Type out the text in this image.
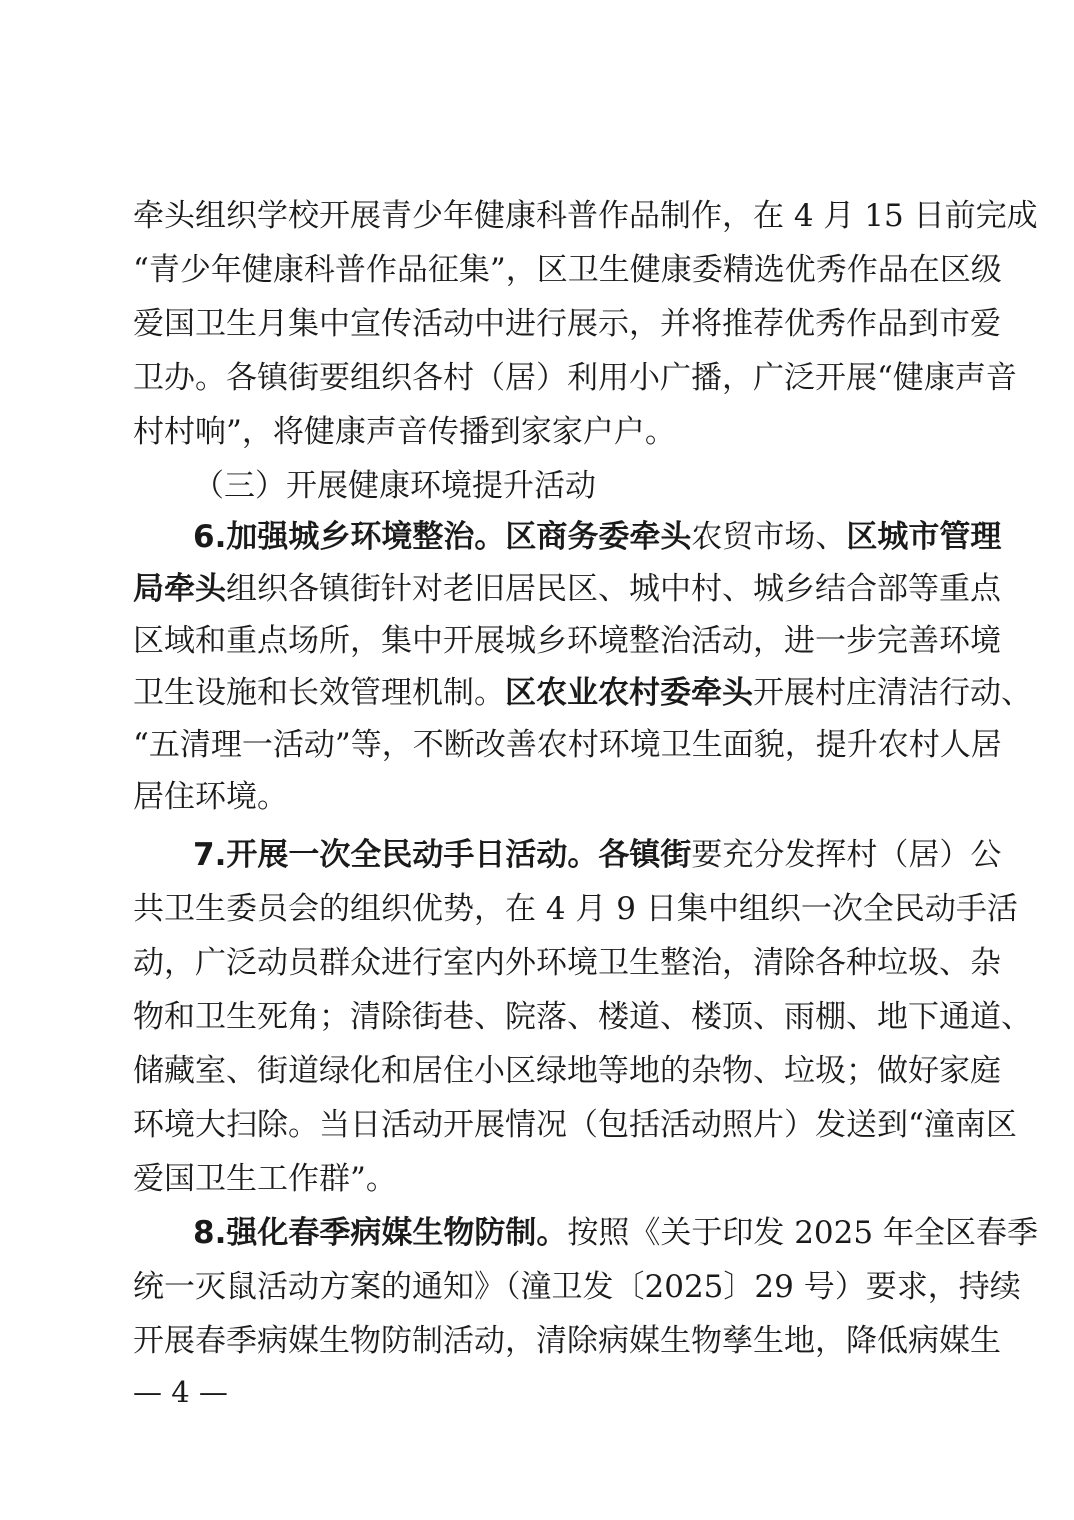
牵头组织学校开展青少年健康科普作品制作，在 4 月 15 日前完成
“青少年健康科普作品征集”，区卫生健康委精选优秀作品在区级
爱国卫生月集中宣传活动中进行展示，并将推荐优秀作品到市爱
卫办。各镇街要组织各村（居）利用小广播，广泛开展“健康声音
村村响”，将健康声音传播到家家户户。
（三）开展健康环境提升活动
6.加强城乡环境整治。区商务委牵头农贸市场、区城市管理
局牵头组织各镇街针对老旧居民区、城中村、城乡结合部等重点
区域和重点场所，集中开展城乡环境整治活动，进一步完善环境
卫生设施和长效管理机制。区农业农村委牵头开展村庄清洁行动、
“五清理一活动”等，不断改善农村环境卫生面貌，提升农村人居
居住环境。
7.开展一次全民动手日活动。各镇街要充分发挥村（居）公
共卫生委员会的组织优势，在 4 月 9 日集中组织一次全民动手活
动，广泛动员群众进行室内外环境卫生整治，清除各种垃圾、杂
物和卫生死角；清除街巷、院落、楼道、楼顶、雨棚、地下通道、
储藏室、街道绿化和居住小区绿地等地的杂物、垃圾；做好家庭
环境大扫除。当日活动开展情况（包括活动照片）发送到“潼南区
爱国卫生工作群”。
8.强化春季病媒生物防制。按照《关于印发 2025 年全区春季
统一灭鼠活动方案的通知》（潼卫发〔2025〕29 号）要求，持续
开展春季病媒生物防制活动，清除病媒生物孳生地，降低病媒生
— 4 —
